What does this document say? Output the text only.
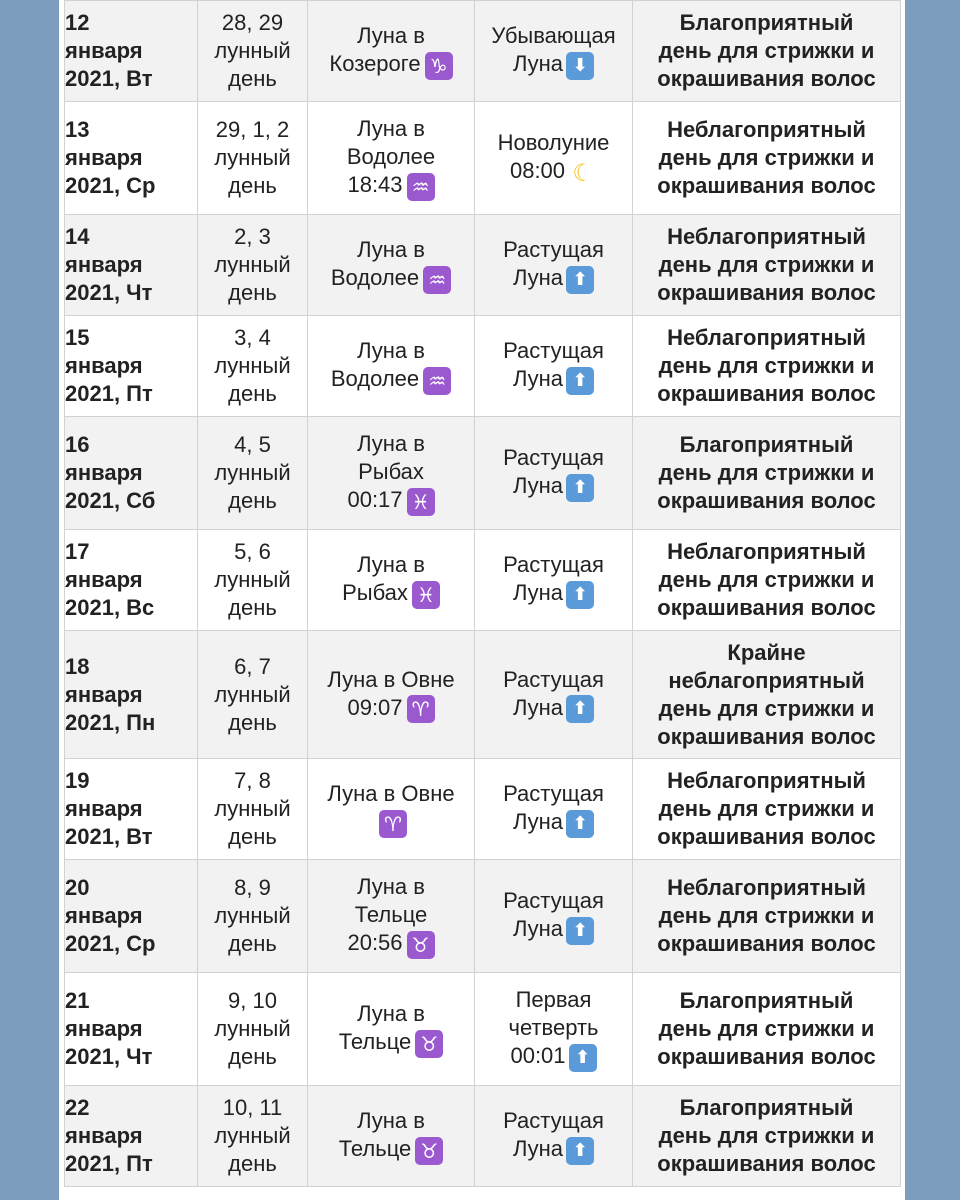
12
января
2021, Вт	28, 29
лунный
день	Луна в
Козероге ♑	Убывающая
Луна ⬇	Благоприятный
день для стрижки и
окрашивания волос

13
января
2021, Ср	29, 1, 2
лунный
день	Луна в
Водолее
18:43 ♒	Новолуние
08:00 ☾	Неблагоприятный
день для стрижки и
окрашивания волос

14
января
2021, Чт	2, 3
лунный
день	Луна в
Водолее ♒	Растущая
Луна ⬆	Неблагоприятный
день для стрижки и
окрашивания волос

15
января
2021, Пт	3, 4
лунный
день	Луна в
Водолее ♒	Растущая
Луна ⬆	Неблагоприятный
день для стрижки и
окрашивания волос

16
января
2021, Сб	4, 5
лунный
день	Луна в
Рыбах
00:17 ♓	Растущая
Луна ⬆	Благоприятный
день для стрижки и
окрашивания волос

17
января
2021, Вс	5, 6
лунный
день	Луна в
Рыбах ♓	Растущая
Луна ⬆	Неблагоприятный
день для стрижки и
окрашивания волос

18
января
2021, Пн	6, 7
лунный
день	Луна в Овне
09:07 ♈	Растущая
Луна ⬆	Крайне
неблагоприятный
день для стрижки и
окрашивания волос

19
января
2021, Вт	7, 8
лунный
день	Луна в Овне
♈	Растущая
Луна ⬆	Неблагоприятный
день для стрижки и
окрашивания волос

20
января
2021, Ср	8, 9
лунный
день	Луна в
Тельце
20:56 ♉	Растущая
Луна ⬆	Неблагоприятный
день для стрижки и
окрашивания волос

21
января
2021, Чт	9, 10
лунный
день	Луна в
Тельце ♉	Первая
четверть
00:01 ⬆	Благоприятный
день для стрижки и
окрашивания волос

22
января
2021, Пт	10, 11
лунный
день	Луна в
Тельце ♉	Растущая
Луна ⬆	Благоприятный
день для стрижки и
окрашивания волос
